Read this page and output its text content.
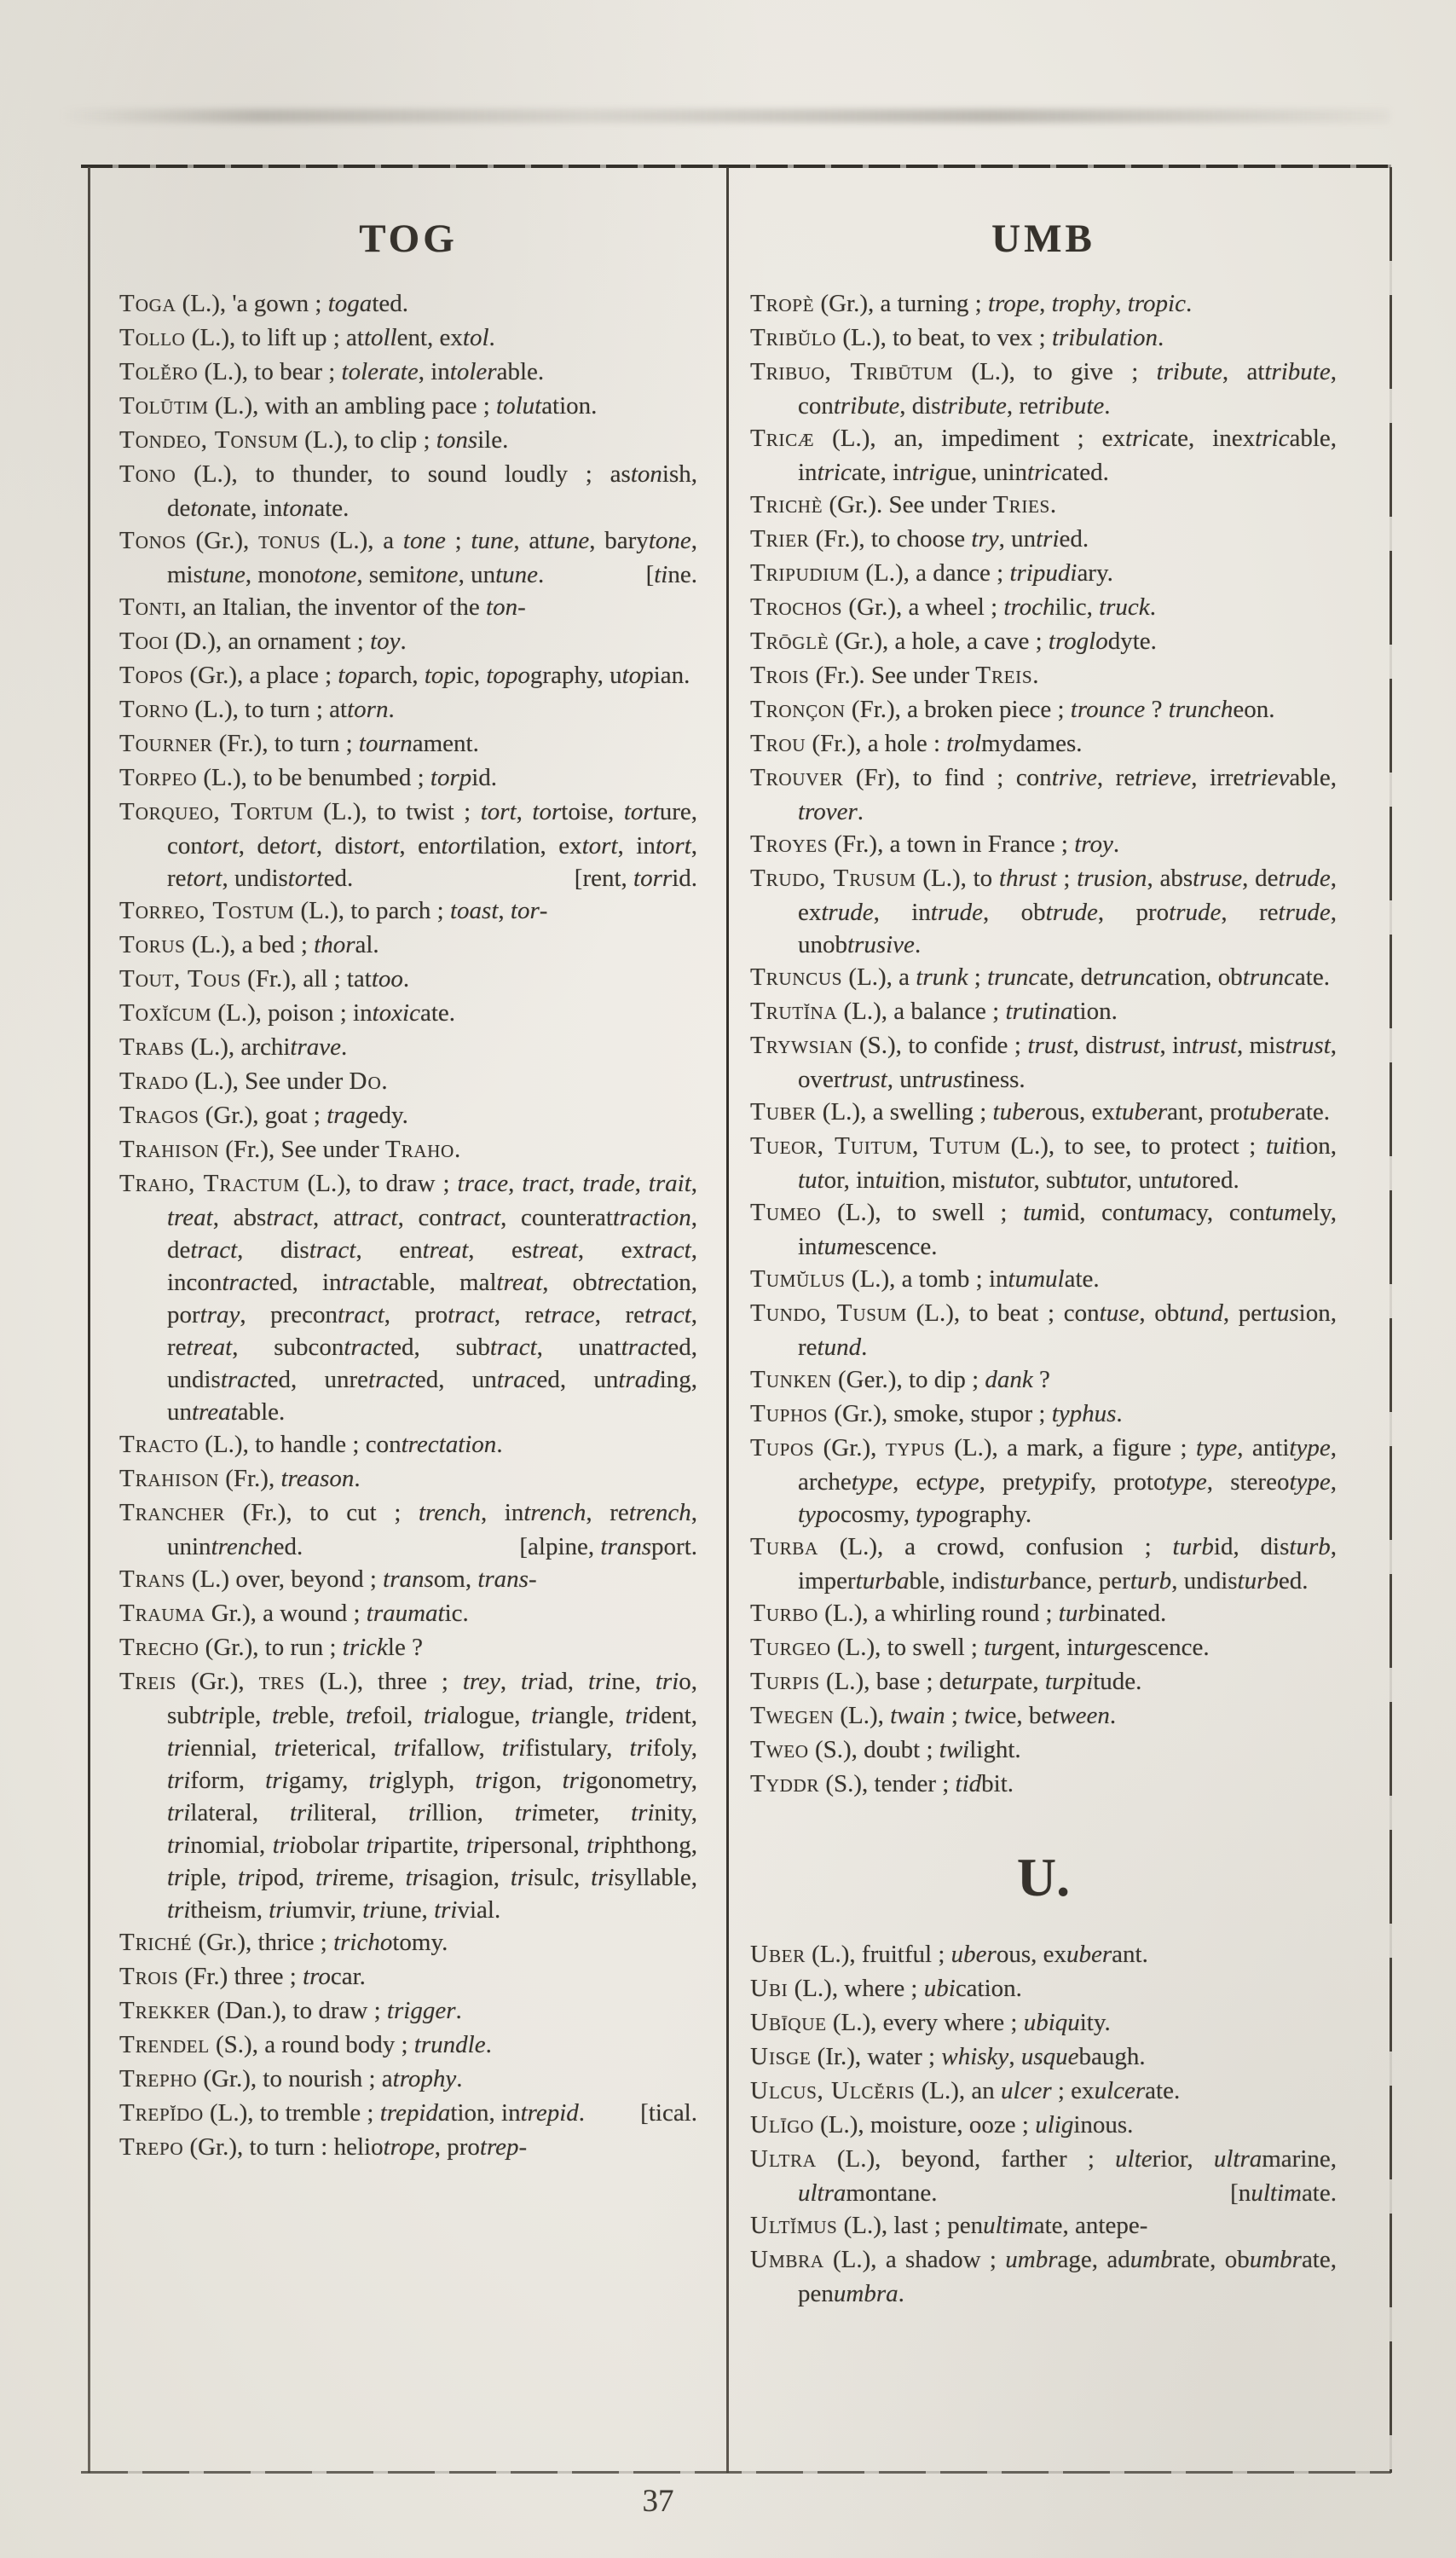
TOG

TOGA (L.), 'a gown ; togated.

TOLLO (L.), to lift up ; attollent, extol.

TOLĔRO (L.), to bear ; tolerate, intolerable.

TOLŪTIM (L.), with an ambling pace ; tolutation.

TONDEO, TONSUM (L.), to clip ; tonsile.

TONO (L.), to thunder, to sound loudly ; astonish, detonate, intonate.

TONOS (Gr.), TONUS (L.), a tone ; tune, attune, barytone, mistune, monotone, semitone, untune.	[tine.

TONTI, an Italian, the inventor of the ton-

TOOI (D.), an ornament ; toy.

TOPOS (Gr.), a place ; toparch, topic, topography, utopian.

TORNO (L.), to turn ; attorn.

TOURNER (Fr.), to turn ; tournament.

TORPEO (L.), to be benumbed ; torpid.

TORQUEO, TORTUM (L.), to twist ; tort, tortoise, torture, contort, detort, distort, entortilation, extort, intort, retort, undistorted.	[rent, torrid.

TORREO, TOSTUM (L.), to parch ; toast, tor-

TORUS (L.), a bed ; thoral.

TOUT, TOUS (Fr.), all ; tattoo.

TOXĬCUM (L.), poison ; intoxicate.

TRABS (L.), architrave.

TRADO (L.), See under DO.

TRAGOS (Gr.), goat ; tragedy.

TRAHISON (Fr.), See under TRAHO.

TRAHO, TRACTUM (L.), to draw ; trace, tract, trade, trait, treat, abstract, attract, contract, counterattraction, detract, distract, entreat, estreat, extract, incontracted, intractable, maltreat, obtrectation, portray, precontract, protract, retrace, retract, retreat, subcontracted, subtract, unattracted, undistracted, unretracted, untraced, untrading, untreatable.

TRACTO (L.), to handle ; contrectation.

TRAHISON (Fr.), treason.

TRANCHER (Fr.), to cut ; trench, intrench, retrench, unintrenched.	[alpine, transport.

TRANS (L.) over, beyond ; transom, trans-

TRAUMA Gr.), a wound ; traumatic.

TRECHO (Gr.), to run ; trickle ?

TREIS (Gr.), TRES (L.), three ; trey, triad, trine, trio, subtriple, treble, trefoil, trialogue, triangle, trident, triennial, trieterical, trifallow, trifistulary, trifoly, triform, trigamy, triglyph, trigon, trigonometry, trilateral, triliteral, trillion, trimeter, trinity, trinomial, triobolar tripartite, tripersonal, triphthong, triple, tripod, trireme, trisagion, trisulc, trisyllable, tritheism, triumvir, triune, trivial.

TRICHÉ (Gr.), thrice ; trichotomy.

TROIS (Fr.) three ; trocar.

TREKKER (Dan.), to draw ; trigger.

TRENDEL (S.), a round body ; trundle.

TREPHO (Gr.), to nourish ; atrophy.

TREPĬDO (L.), to tremble ; trepidation, intrepid. [tical.

TREPO (Gr.), to turn : heliotrope, protrep-

UMB

TROPÈ (Gr.), a turning ; trope, trophy, tropic.

TRIBŬLO (L.), to beat, to vex ; tribulation.

TRIBUO, TRIBŪTUM (L.), to give ; tribute, attribute, contribute, distribute, retribute.

TRICÆ (L.), an, impediment ; extricate, inextricable, intricate, intrigue, unintricated.

TRICHÈ (Gr.). See under TRIES.

TRIER (Fr.), to choose try, untried.

TRIPUDIUM (L.), a dance ; tripudiary.

TROCHOS (Gr.), a wheel ; trochilic, truck.

TRŌGLÈ (Gr.), a hole, a cave ; troglodyte.

TROIS (Fr.). See under TREIS.

TRONÇON (Fr.), a broken piece ; trounce ? truncheon.

TROU (Fr.), a hole : trolmydames.

TROUVER (Fr), to find ; contrive, retrieve, irretrievable, trover.

TROYES (Fr.), a town in France ; troy.

TRUDO, TRUSUM (L.), to thrust ; trusion, abstruse, detrude, extrude, intrude, obtrude, protrude, retrude, unobtrusive.

TRUNCUS (L.), a trunk ; truncate, detruncation, obtruncate.

TRUTĬNA (L.), a balance ; trutination.

TRYWSIAN (S.), to confide ; trust, distrust, intrust, mistrust, overtrust, untrustiness.

TUBER (L.), a swelling ; tuberous, extuberant, protuberate.

TUEOR, TUITUM, TUTUM (L.), to see, to protect ; tuition, tutor, intuition, mistutor, subtutor, untutored.

TUMEO (L.), to swell ; tumid, contumacy, contumely, intumescence.

TUMŬLUS (L.), a tomb ; intumulate.

TUNDO, TUSUM (L.), to beat ; contuse, obtund, pertusion, retund.

TUNKEN (Ger.), to dip ; dank ?

TUPHOS (Gr.), smoke, stupor ; typhus.

TUPOS (Gr.), TYPUS (L.), a mark, a figure ; type, antitype, archetype, ectype, pretypify, prototype, stereotype, typocosmy, typography.

TURBA (L.), a crowd, confusion ; turbid, disturb, imperturbable, indisturbance, perturb, undisturbed.

TURBO (L.), a whirling round ; turbinated.

TURGEO (L.), to swell ; turgent, inturgescence.

TURPIS (L.), base ; deturpate, turpitude.

TWEGEN (L.), twain ; twice, between.

TWEO (S.), doubt ; twilight.

TYDDR (S.), tender ; tidbit.

U.

UBER (L.), fruitful ; uberous, exuberant.

UBI (L.), where ; ubication.

UBĪQUE (L.), every where ; ubiquity.

UISGE (Ir.), water ; whisky, usquebaugh.

ULCUS, ULCĔRIS (L.), an ulcer ; exulcerate.

ULĪGO (L.), moisture, ooze ; uliginous.

ULTRA (L.), beyond, farther ; ulterior, ultramarine, ultramontane.	[nultimate.

ULTĬMUS (L.), last ; penultimate, antepe-

UMBRA (L.), a shadow ; umbrage, adumbrate, obumbrate, penumbra.

37
